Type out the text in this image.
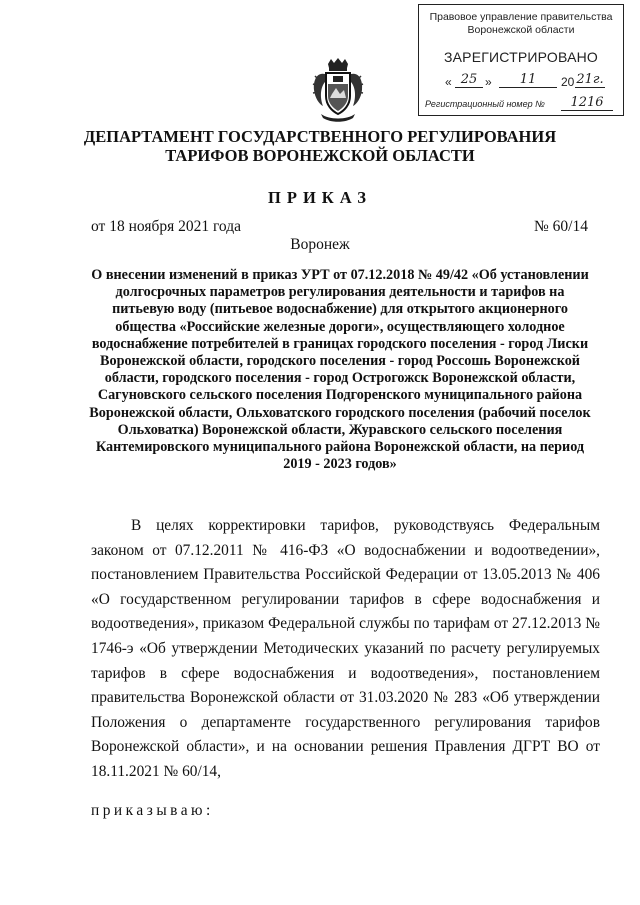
Правовое управление правительства
Воронежской области
ЗАРЕГИСТРИРОВАНО
« 25 »	11	20 21г.
Регистрационный номер №	1216
ДЕПАРТАМЕНТ ГОСУДАРСТВЕННОГО РЕГУЛИРОВАНИЯ
ТАРИФОВ ВОРОНЕЖСКОЙ ОБЛАСТИ
ПРИКАЗ
от 18 ноября 2021 года	№ 60/14
Воронеж
О внесении изменений в приказ УРТ от 07.12.2018 № 49/42 «Об установлении долгосрочных параметров регулирования деятельности и тарифов на питьевую воду (питьевое водоснабжение) для открытого акционерного общества «Российские железные дороги», осуществляющего холодное водоснабжение потребителей в границах городского поселения - город Лиски Воронежской области, городского поселения - город Россошь Воронежской области, городского поселения - город Острогожск Воронежской области, Сагуновского сельского поселения Подгоренского муниципального района Воронежской области, Ольховатского городского поселения (рабочий поселок Ольховатка) Воронежской области, Журавского сельского поселения Кантемировского муниципального района Воронежской области, на период 2019 - 2023 годов»

В целях корректировки тарифов, руководствуясь Федеральным законом от 07.12.2011 № 416-ФЗ «О водоснабжении и водоотведении», постановлением Правительства Российской Федерации от 13.05.2013 № 406 «О государственном регулировании тарифов в сфере водоснабжения и водоотведения», приказом Федеральной службы по тарифам от 27.12.2013 № 1746-э «Об утверждении Методических указаний по расчету регулируемых тарифов в сфере водоснабжения и водоотведения», постановлением правительства Воронежской области от 31.03.2020 № 283 «Об утверждении Положения о департаменте государственного регулирования тарифов Воронежской области», и на основании решения Правления ДГРТ ВО от 18.11.2021 № 60/14,

приказываю:
